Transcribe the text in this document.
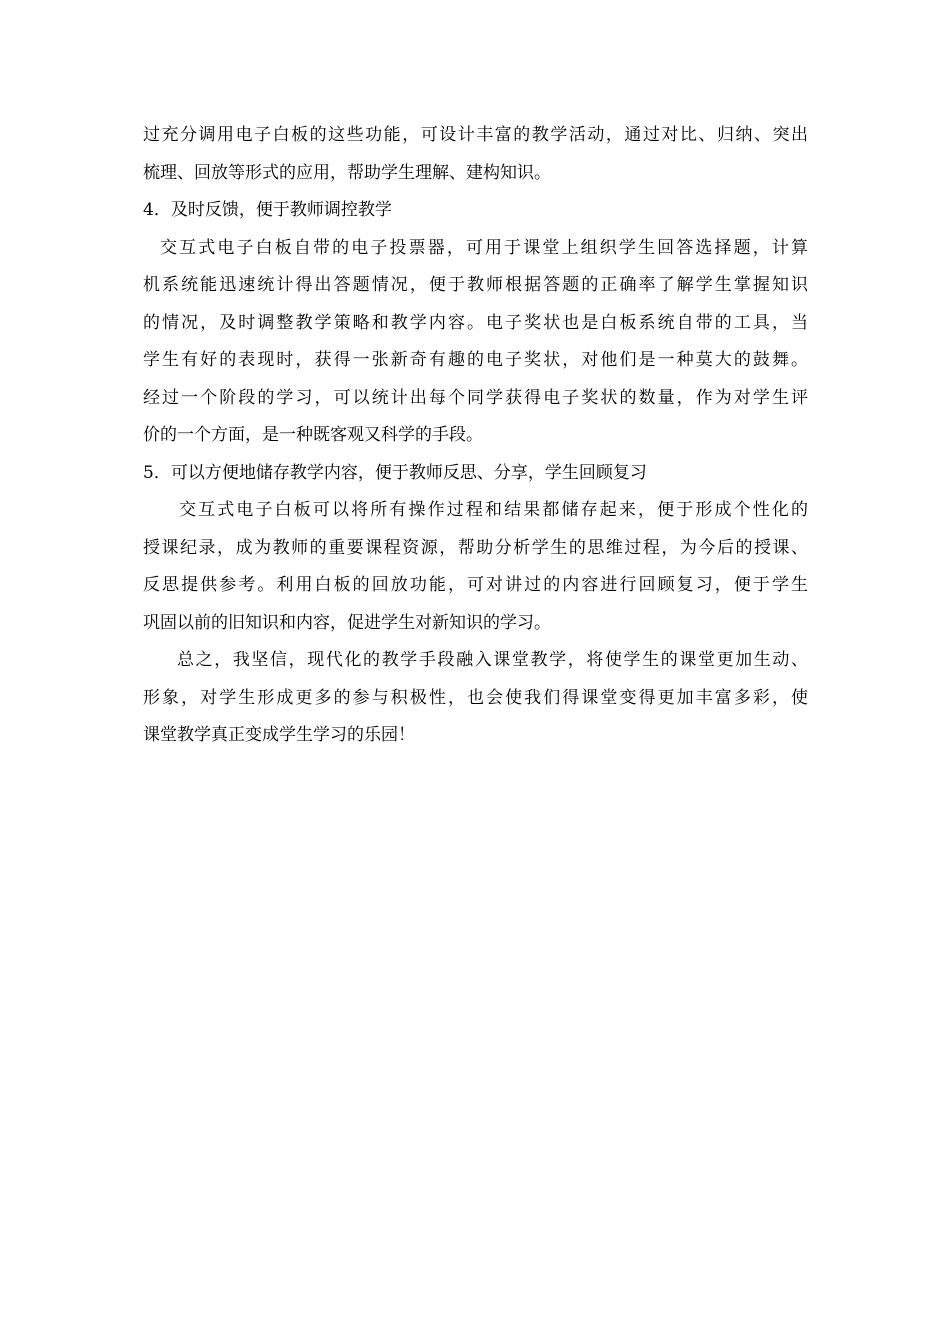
过充分调用电子白板的这些功能，可设计丰富的教学活动，通过对比、归纳、突出
梳理、回放等形式的应用，帮助学生理解、建构知识。
4．及时反馈，便于教师调控教学
交互式电子白板自带的电子投票器，可用于课堂上组织学生回答选择题，计算
机系统能迅速统计得出答题情况，便于教师根据答题的正确率了解学生掌握知识
的情况，及时调整教学策略和教学内容。电子奖状也是白板系统自带的工具，当
学生有好的表现时，获得一张新奇有趣的电子奖状，对他们是一种莫大的鼓舞。
经过一个阶段的学习，可以统计出每个同学获得电子奖状的数量，作为对学生评
价的一个方面，是一种既客观又科学的手段。
5．可以方便地储存教学内容，便于教师反思、分享，学生回顾复习
交互式电子白板可以将所有操作过程和结果都储存起来，便于形成个性化的
授课纪录，成为教师的重要课程资源，帮助分析学生的思维过程，为今后的授课、
反思提供参考。利用白板的回放功能，可对讲过的内容进行回顾复习，便于学生
巩固以前的旧知识和内容，促进学生对新知识的学习。
总之，我坚信，现代化的教学手段融入课堂教学，将使学生的课堂更加生动、
形象，对学生形成更多的参与积极性，也会使我们得课堂变得更加丰富多彩，使
课堂教学真正变成学生学习的乐园！
